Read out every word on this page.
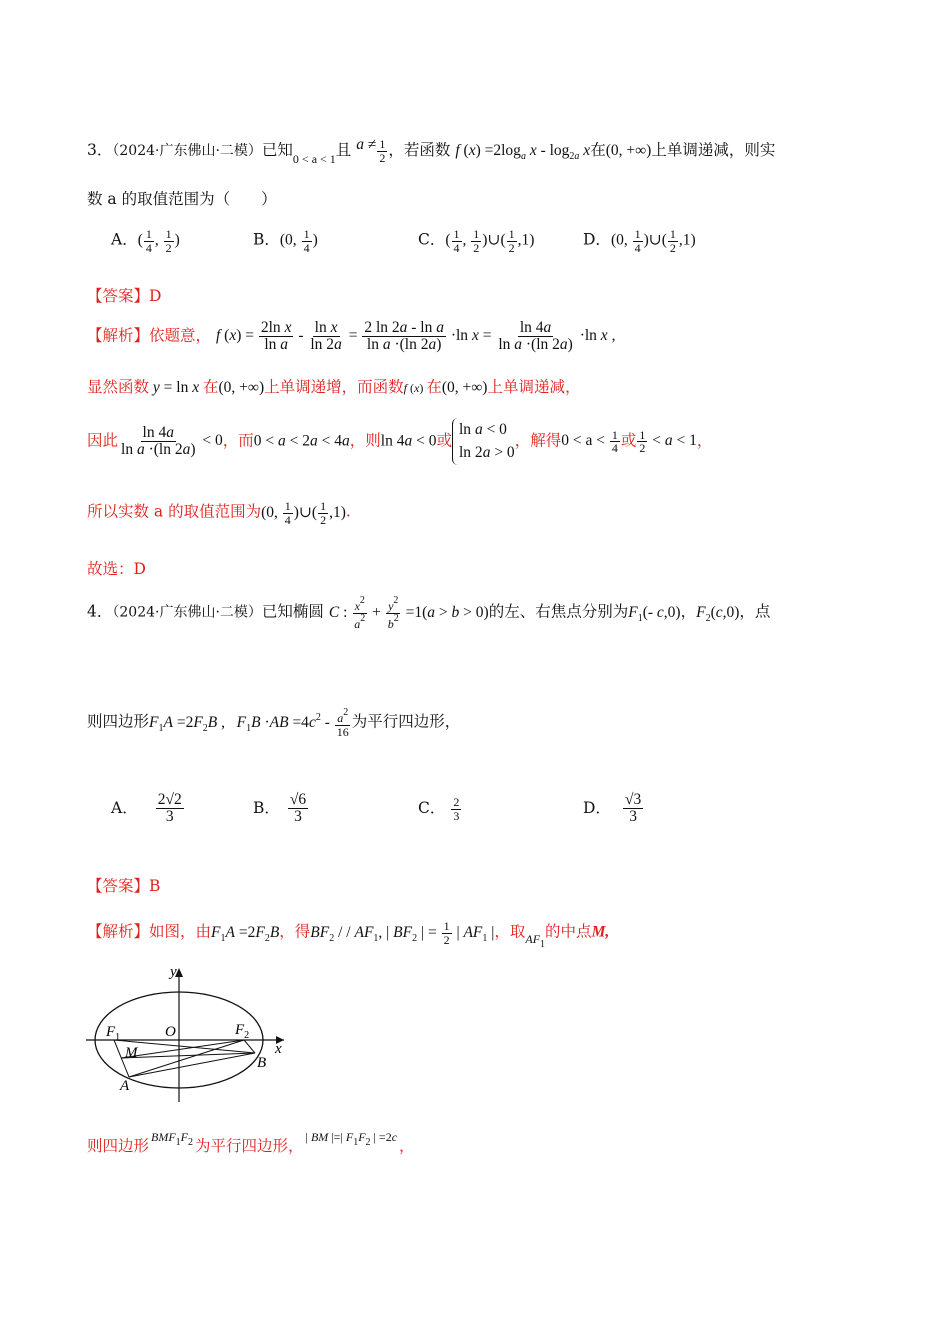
3．（2024·广东佛山·二模）已知$_{0 < a < 1}$且 $a \ne \frac{1}{2}$ ，若函数 f $(x) =2\log_a$ x - $\log_{2a} x$在(0, +∞)上单调递减，则实
数 a 的取值范围为（　　）
A．( $\frac{1}{4}$ , $\frac{1}{2}$ )	B．(0, $\frac{1}{4}$ )	C．( $\frac{1}{4}$ , $\frac{1}{2}$ )∪( $\frac{1}{2} ,1$)	D．(0, $\frac{1}{4}$ )∪( $\frac{1}{2} ,1$)
【答案】D
【解析】依题意， f $(x) = \frac{\text{2ln x}}{\text{ln a}} - \frac{\text{ln x}}{\ln 2a} = \frac{\text{2 ln 2a - ln a}}{\text{ln a ·(ln 2a)}} \cdot\ln$ $x = \frac{\ln 4a}{\text{ln a ·(ln 2a)}} \cdot\ln$ x ,
显然函数 y = ln x 在(0, +∞)上单调递增，而函数f (x) 在(0, +∞)上单调递减，
因此 $\frac{\ln 4a}{\text{ln a ·(ln 2a)}} < 0$，而0 < a < 2a < 4a，则ln 4a < 0或
ln a < 0
ln 2a > 0
，解得$0 < a < \frac{1}{4}$ 或 $\frac{1}{2} < a < 1$，
所以实数 a 的取值范围为(0, $\frac{1}{4}$ )∪( $\frac{1}{2} ,1$).
故选：D
4．（2024·广东佛山·二模）已知椭圆 C : $\frac{x^2}{a^2} + \frac{y^2}{b^2} =1(a > b > 0)$的左、右焦点分别为$F_1(-$ c,0)，$F_2(c,0)$，点
则四边形$F_1A =2F_2B$ ,   $F_1B \cdot AB =4c^2 - \frac{a^2}{16}$ 为平行四边形，
A． $\frac{2√2}{3}$	B． $\frac{√6}{3}$	C． $\frac{2}{3}$	D． $\frac{√3}{3}$
【答案】B
【解析】如图，由$F_1A =2F_2B$，得$BF_2$ / / $AF_1$, | $BF_2$ | = $\frac{1}{2}$ | $AF_1$ |，取$_{AF_1}$的中点M,
y
x
O
$F_1$	$F_2$
M
A
B
则四边形 $^{BMF_1F_2}$ 为平行四边形， $^{| BM |=| F_1F_2 | =2c}$ ，
